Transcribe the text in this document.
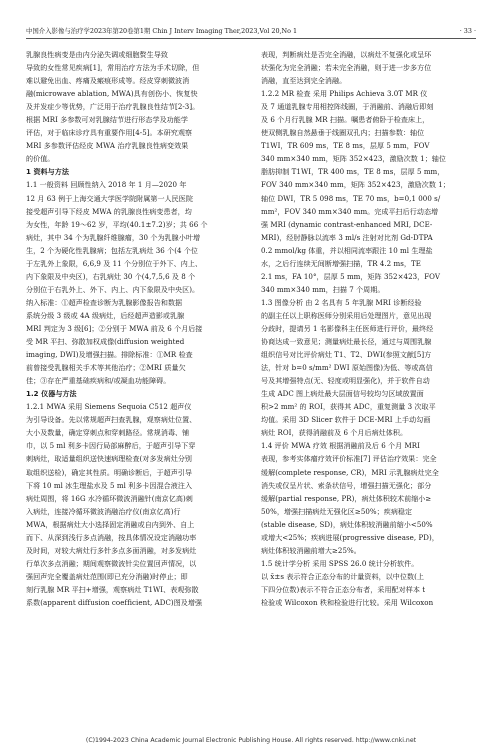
中国介入影像与治疗学2023年第20卷第1期 Chin J Interv Imaging Ther,2023,Vol 20,No 1	· 33 ·
乳腺良性病变是由内分泌失调或细胞赘生导致
导致的女性常见疾病[1]，常用治疗方法为手术切除，但
难以避免出血、疼痛及瘢痕形成等。经皮穿刺微波消
融(microwave ablation, MWA)具有创伤小、恢复快
及并发症少等优势，广泛用于治疗乳腺良性结节[2-3]。
根据 MRI 多参数可对乳腺结节进行形态学及功能学
评估，对于临床诊疗具有重要作用[4-5]。本研究观察
MRI 多参数评估经皮 MWA 治疗乳腺良性病变效果
的价值。
1 资料与方法
1.1 一般资料 回顾性纳入 2018 年 1 月—2020 年
12 月 63 例于上海交通大学医学院附属第一人民医院
接受超声引导下经皮 MWA 的乳腺良性病变患者，均
为女性，年龄 19～62 岁，平均(40.1±7.2)岁；共 66 个
病灶，其中 34 个为乳腺纤维腺瘤，30 个为乳腺小叶增
生，2 个为硬化性乳腺病；包括左乳病灶 36 个(4 个位
于左乳外上象限，6,6,9 及 11 个分别位于外下、内上、
内下象限及中央区)，右乳病灶 30 个(4,7,5,6 及 8 个
分别位于右乳外上、外下、内上、内下象限及中央区)。
纳入标准：①超声检查诊断为乳腺影像报告和数据
系统分级 3 级或 4A 级病灶，后经超声造影或乳腺
MRI 判定为 3 级[6]；②分别于 MWA 前及 6 个月后接
受 MR 平扫、弥散加权成像(diffusion weighted
imaging, DWI)及增强扫描。排除标准：①MR 检查
前曾接受乳腺相关手术等其他治疗；②MRI 质量欠
佳；③存在严重基础疾病和/或凝血功能障碍。
1.2 仪器与方法
1.2.1 MWA 采用 Siemens Sequoia C512 超声仪
为引导设备。先以常规超声扫查乳腺，观察病灶位置、
大小及数量，确定穿刺点和穿刺路径。常规消毒、铺
巾，以 5 ml 利多卡因行局部麻醉后，于超声引导下穿
刺病灶，取适量组织送快速病理检查(对多发病灶分别
取组织送检)，确定其性质。明确诊断后，于超声引导
下将 10 ml 冰生理盐水及 5 ml 利多卡因混合液注入
病灶周围，将 16G 水冷循环微波消融针(南京亿高)刺
入病灶，连接冷循环微波消融治疗仪(南京亿高)行
MWA，根据病灶大小选择固定消融或自内到外、自上
而下、从深到浅行多点消融，按具体情况设定消融功率
及时间，对较大病灶行多针多点多面消融，对多发病灶
行单次多点消融；期间观察微波针尖位置回声情况，以
强回声完全覆盖病灶范围(即已充分消融)时停止；即
刻行乳腺 MR 平扫+增强，观察病灶 T1WI、表观弥散
系数(apparent diffusion coefficient, ADC)图及增强
表现，判断病灶是否完全消融，以病灶不复强化或呈环
状强化为完全消融；若未完全消融，则于进一步多方位
消融，直至达到完全消融。
1.2.2 MR 检查 采用 Philips Achieva 3.0T MR 仪
及 7 通道乳腺专用相控阵线圈，于消融前、消融后即刻
及 6 个月行乳腺 MR 扫描。嘱患者俯卧于检查床上，
使双侧乳腺自然悬垂于线圈双孔内；扫描参数：轴位
T1WI，TR 609 ms，TE 8 ms，层厚 5 mm，FOV
340 mm×340 mm，矩阵 352×423，激励次数 1；轴位
脂肪抑制 T1WI，TR 400 ms，TE 8 ms，层厚 5 mm，
FOV 340 mm×340 mm，矩阵 352×423，激励次数 1；
轴位 DWI，TR 5 098 ms，TE 70 ms，b=0,1 000 s/
mm²，FOV 340 mm×340 mm。完成平扫后行动态增
强 MRI (dynamic contrast-enhanced MRI, DCE-
MRI)，经肘静脉以流率 3 ml/s 注射对比剂 Gd-DTPA
0.2 mmol/kg 体重，并以相同流率跟注 10 ml 生理盐
水，之后行连续无间断增强扫描，TR 4.2 ms，TE
2.1 ms，FA 10°，层厚 5 mm，矩阵 352×423，FOV
340 mm×340 mm，扫描 7 个周期。
1.3 图像分析 由 2 名具有 5 年乳腺 MRI 诊断经验
的副主任以上职称医师分别采用后处理图片，意见出现
分歧时，提请另 1 名影像科主任医师进行评价，最终经
协商达成一致意见；测量病灶最长径，通过与周围乳腺
组织信号对比评价病灶 T1、T2、DWI(参照文献[5]方
法，针对 b=0 s/mm² DWI 原始图像)为低、等或高信
号及其增强特点(无、轻度或明显强化)，并于软件自动
生成 ADC 图上病灶最大层面信号较均匀区域放置面
积>2 mm² 的 ROI，获得其 ADC，重复测量 3 次取平
均值。采用 3D Slicer 软件于 DCE-MRI 上手动勾画
病灶 ROI，获得消融前及 6 个月后病灶体积。
1.4 评价 MWA 疗效 根据消融前及后 6 个月 MRI
表现，参考实体瘤疗效评价标准[7] 评估治疗效果：完全
缓解(complete response, CR)，MRI 示乳腺病灶完全
消失或仅呈片状、索条状信号，增强扫描无强化；部分
缓解(partial response, PR)，病灶体积较术前缩小≥
50%，增强扫描病灶无强化区≥50%；疾病稳定
(stable disease, SD)，病灶体积较消融前缩小<50%
或增大<25%；疾病进展(progressive disease, PD)，
病灶体积较消融前增大≥25%。
1.5 统计学分析 采用 SPSS 26.0 统计分析软件。
以 x̄±s 表示符合正态分布的计量资料，以中位数(上
下四分位数)表示不符合正态分布者，采用配对样本 t
检验或 Wilcoxon 秩和检验进行比较。采用 Wilcoxon
(C)1994-2023 China Academic Journal Electronic Publishing House. All rights reserved. http://www.cnki.net
